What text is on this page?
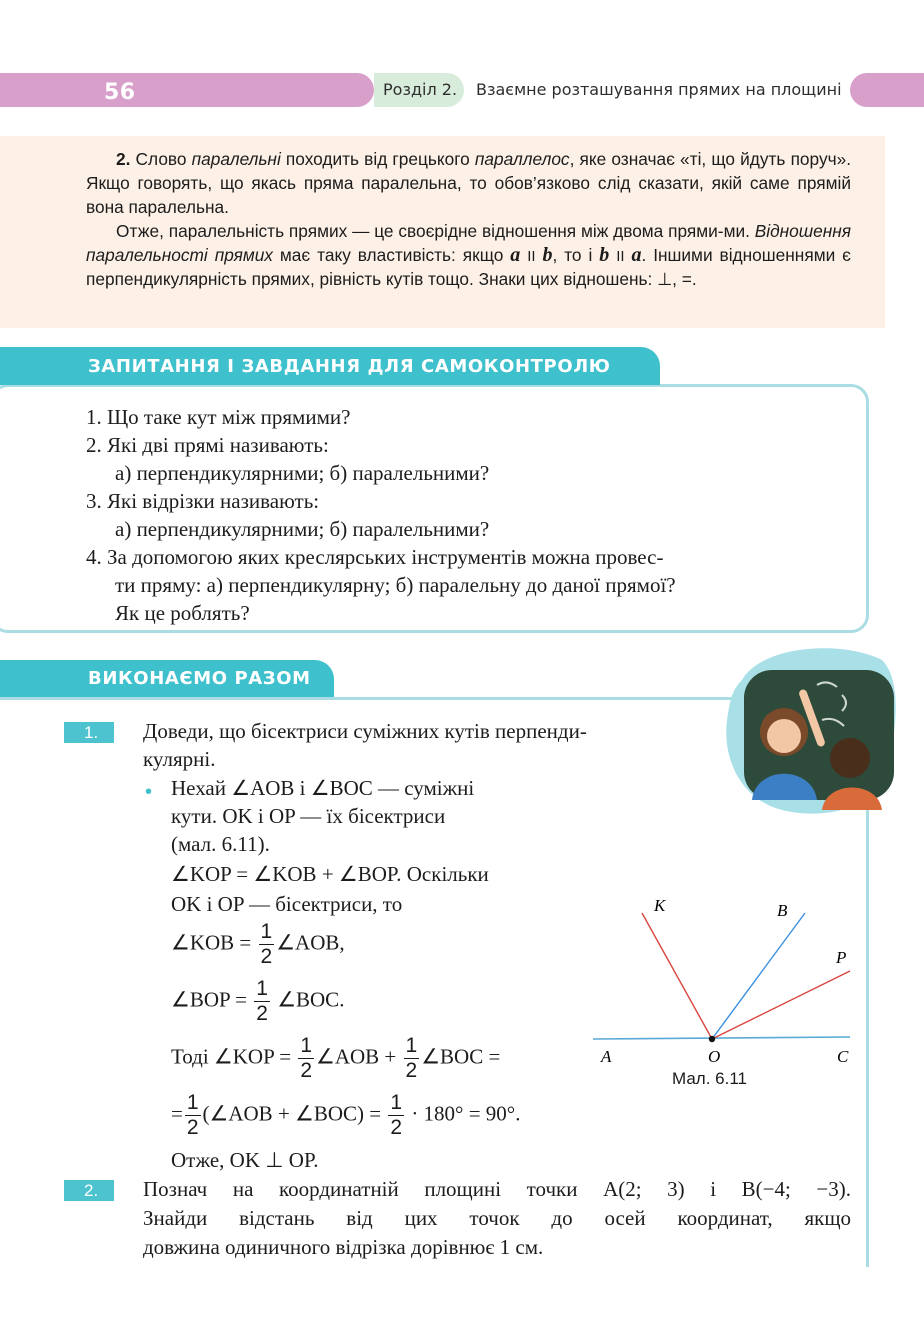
56	Розділ 2. Взаємне розташування прямих на площині

2. Слово паралельні походить від грецького параллелос, яке означає «ті, що йдуть поруч». Якщо говорять, що якась пряма паралельна, то обов’язково слід сказати, якій саме прямій вона паралельна.

Отже, паралельність прямих — це своєрідне відношення між двома прями-ми. Відношення паралельності прямих має таку властивість: якщо a II b, то і b II a. Іншими відношеннями є перпендикулярність прямих, рівність кутів тощо. Знаки цих відношень: ⊥, =.

ЗАПИТАННЯ І ЗАВДАННЯ ДЛЯ САМОКОНТРОЛЮ
1. Що таке кут між прямими?
2. Які дві прямі називають:
а) перпендикулярними; б) паралельними?
3. Які відрізки називають:
а) перпендикулярними; б) паралельними?
4. За допомогою яких креслярських інструментів можна провес-
ти пряму: а) перпендикулярну; б) паралельну до даної прямої?
Як це роблять?
ВИКОНАЄМО РАЗОМ
1.	Доведи, що бісектриси суміжних кутів перпенди-
кулярні.
• Нехай ∠AOB і ∠BOC — суміжні
кути. OK і OP — їх бісектриси
(мал. 6.11).
∠KOP = ∠KOB + ∠BOP. Оскільки
OK і OP — бісектриси, то
∠KOB = $\frac{1}{2}$ ∠AOB,
∠BOP = $\frac{1}{2}$ ∠BOC.
Тоді ∠KOP = $\frac{1}{2}$ ∠AOB + $\frac{1}{2}$ ∠BOC =
= $\frac{1}{2}$ (∠AOB + ∠BOC) = $\frac{1}{2} \cdot 180^\circ = 90^\circ$.
Отже, OK ⊥ OP.
K	B
P
A	O	C
Мал. 6.11
2.	Познач на координатній площині точки A(2; 3) і B(−4; −3).
Знайди відстань від цих точок до осей координат, якщо
довжина одиничного відрізка дорівнює 1 см.
